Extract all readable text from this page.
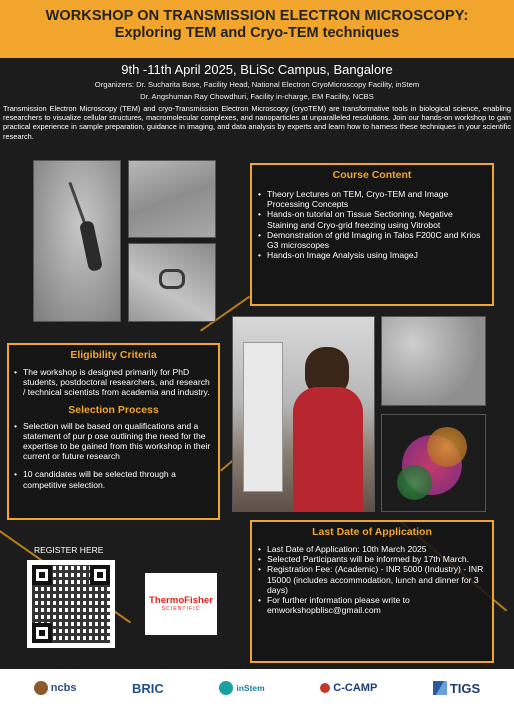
WORKSHOP ON TRANSMISSION ELECTRON MICROSCOPY:
Exploring TEM and Cryo-TEM techniques
9th -11th April 2025, BLiSc Campus, Bangalore
Organizers: Dr. Sucharita Bose, Facility Head, National Electron CryoMicroscopy Facility, inStem
Dr. Angshuman Ray Chowdhuri, Facility in-charge, EM Facility, NCBS
Transmission Electron Microscopy (TEM) and cryo-Transmission Electron Microscopy (cryoTEM) are transformative tools in biological science, enabling researchers to visualize cellular structures, macromolecular complexes, and nanoparticles at unparalleled resolutions. Join our hands-on workshop to gain practical experience in sample preparation, guidance in imaging, and data analysis by experts and learn how to harness these techniques in your scientific research.
Course Content
• Theory Lectures on TEM, Cryo-TEM and Image Processing Concepts
• Hands-on tutorial on Tissue Sectioning, Negative Staining and Cryo-grid freezing using Vitrobot
• Demonstration of grid Imaging in Talos F200C and Krios G3 microscopes
• Hands-on Image Analysis using ImageJ
Eligibility Criteria
• The workshop is designed primarily for PhD students, postdoctoral researchers, and research / technical scientists from academia and industry.
Selection Process
• Selection will be based on qualifications and a statement of pur p ose outlining the need for the expertise to be gained from this workshop in their current or future research
• 10 candidates will be selected through a competitive selection.
REGISTER HERE
ThermoFisher
SCIENTIFIC
Last Date of Application
• Last Date of Application: 10th March 2025
• Selected Participants will be informed by 17th March.
• Registration Fee: (Academic) - INR 5000 (Industry) - INR 15000 (includes accommodation, lunch and dinner for 3 days)
• For further information please write to emworkshopblisc@gmail.com
ncbs	BRIC	inStem	C-CAMP	TIGS
